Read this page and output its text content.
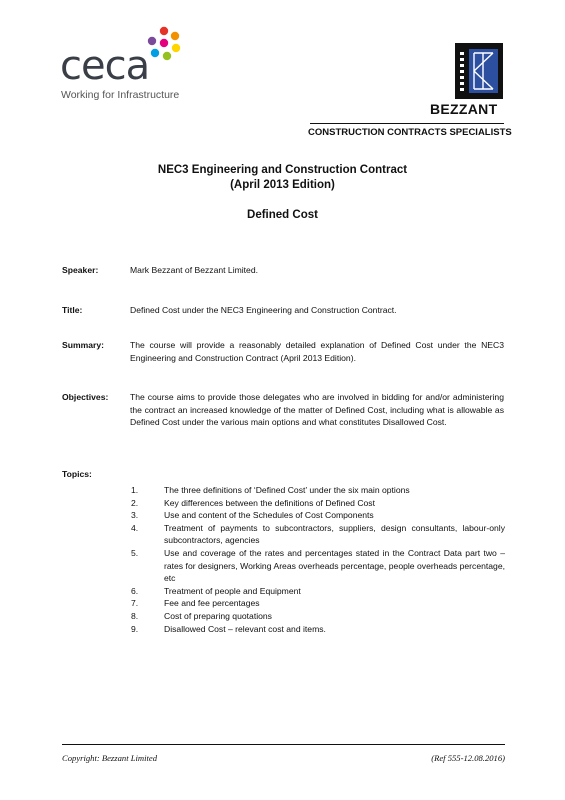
ceca
Working for Infrastructure
BEZZANT
CONSTRUCTION CONTRACTS SPECIALISTS
NEC3 Engineering and Construction Contract
(April 2013 Edition)
Defined Cost
Speaker:	Mark Bezzant of Bezzant Limited.
Title:	Defined Cost under the NEC3 Engineering and Construction Contract.
Summary:	The course will provide a reasonably detailed explanation of Defined Cost under the NEC3 Engineering and Construction Contract (April 2013 Edition).
Objectives:	The course aims to provide those delegates who are involved in bidding for and/or administering the contract an increased knowledge of the matter of Defined Cost, including what is allowable as Defined Cost under the various main options and what constitutes Disallowed Cost.
Topics:
1.	The three definitions of ‘Defined Cost’ under the six main options
2.	Key differences between the definitions of Defined Cost
3.	Use and content of the Schedules of Cost Components
4.	Treatment of payments to subcontractors, suppliers, design consultants, labour-only subcontractors, agencies
5.	Use and coverage of the rates and percentages stated in the Contract Data part two – rates for designers, Working Areas overheads percentage, people overheads percentage, etc
6.	Treatment of people and Equipment
7.	Fee and fee percentages
8.	Cost of preparing quotations
9.	Disallowed Cost – relevant cost and items.
Copyright: Bezzant Limited	(Ref 555-12.08.2016)
